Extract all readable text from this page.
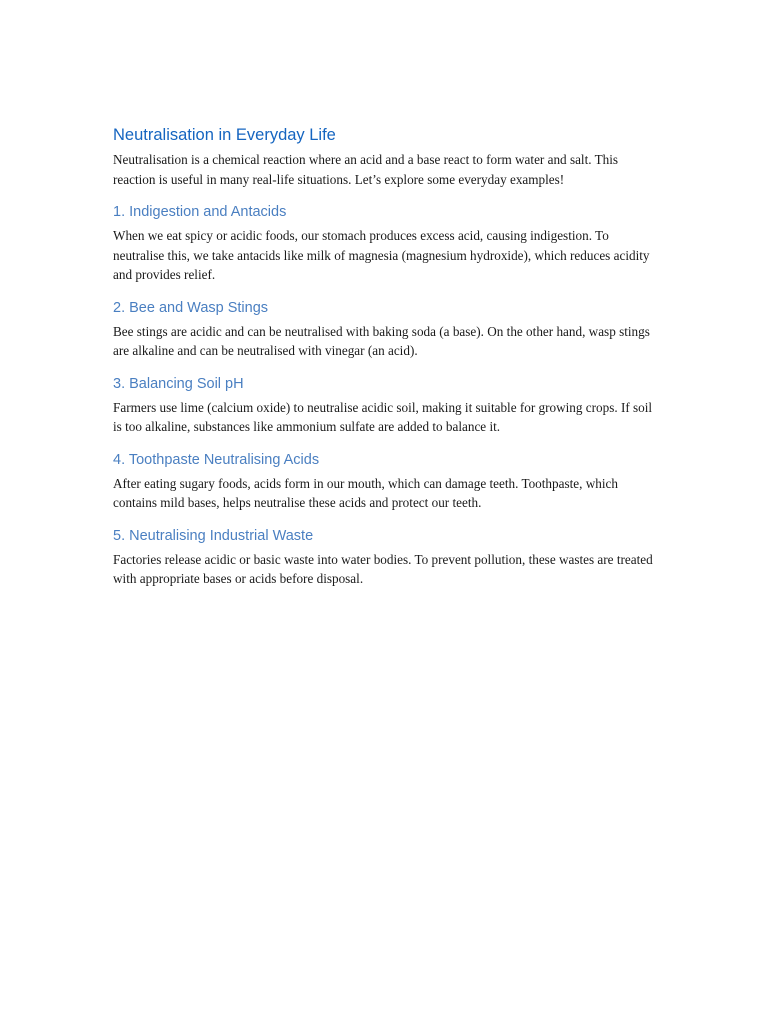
Neutralisation in Everyday Life

Neutralisation is a chemical reaction where an acid and a base react to form water and salt. This reaction is useful in many real-life situations. Let’s explore some everyday examples!

1. Indigestion and Antacids

When we eat spicy or acidic foods, our stomach produces excess acid, causing indigestion. To neutralise this, we take antacids like milk of magnesia (magnesium hydroxide), which reduces acidity and provides relief.

2. Bee and Wasp Stings

Bee stings are acidic and can be neutralised with baking soda (a base). On the other hand, wasp stings are alkaline and can be neutralised with vinegar (an acid).

3. Balancing Soil pH

Farmers use lime (calcium oxide) to neutralise acidic soil, making it suitable for growing crops. If soil is too alkaline, substances like ammonium sulfate are added to balance it.

4. Toothpaste Neutralising Acids

After eating sugary foods, acids form in our mouth, which can damage teeth. Toothpaste, which contains mild bases, helps neutralise these acids and protect our teeth.

5. Neutralising Industrial Waste

Factories release acidic or basic waste into water bodies. To prevent pollution, these wastes are treated with appropriate bases or acids before disposal.
